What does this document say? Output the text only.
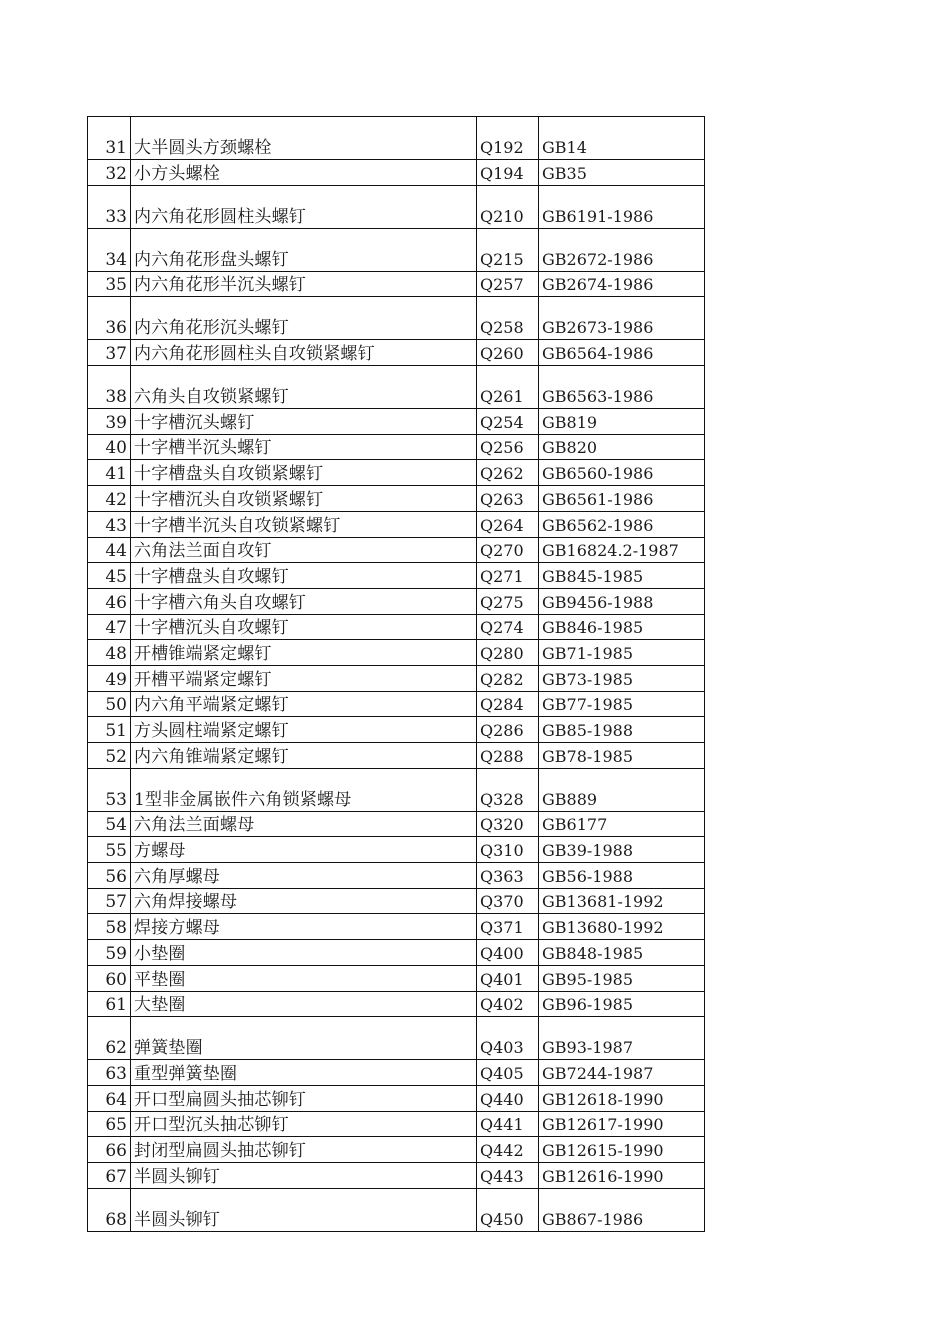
31	大半圆头方颈螺栓	Q192	GB14
32	小方头螺栓	Q194	GB35
33	内六角花形圆柱头螺钉	Q210	GB6191-1986
34	内六角花形盘头螺钉	Q215	GB2672-1986
35	内六角花形半沉头螺钉	Q257	GB2674-1986
36	内六角花形沉头螺钉	Q258	GB2673-1986
37	内六角花形圆柱头自攻锁紧螺钉	Q260	GB6564-1986
38	六角头自攻锁紧螺钉	Q261	GB6563-1986
39	十字槽沉头螺钉	Q254	GB819
40	十字槽半沉头螺钉	Q256	GB820
41	十字槽盘头自攻锁紧螺钉	Q262	GB6560-1986
42	十字槽沉头自攻锁紧螺钉	Q263	GB6561-1986
43	十字槽半沉头自攻锁紧螺钉	Q264	GB6562-1986
44	六角法兰面自攻钉	Q270	GB16824.2-1987
45	十字槽盘头自攻螺钉	Q271	GB845-1985
46	十字槽六角头自攻螺钉	Q275	GB9456-1988
47	十字槽沉头自攻螺钉	Q274	GB846-1985
48	开槽锥端紧定螺钉	Q280	GB71-1985
49	开槽平端紧定螺钉	Q282	GB73-1985
50	内六角平端紧定螺钉	Q284	GB77-1985
51	方头圆柱端紧定螺钉	Q286	GB85-1988
52	内六角锥端紧定螺钉	Q288	GB78-1985
53	1型非金属嵌件六角锁紧螺母	Q328	GB889
54	六角法兰面螺母	Q320	GB6177
55	方螺母	Q310	GB39-1988
56	六角厚螺母	Q363	GB56-1988
57	六角焊接螺母	Q370	GB13681-1992
58	焊接方螺母	Q371	GB13680-1992
59	小垫圈	Q400	GB848-1985
60	平垫圈	Q401	GB95-1985
61	大垫圈	Q402	GB96-1985
62	弹簧垫圈	Q403	GB93-1987
63	重型弹簧垫圈	Q405	GB7244-1987
64	开口型扁圆头抽芯铆钉	Q440	GB12618-1990
65	开口型沉头抽芯铆钉	Q441	GB12617-1990
66	封闭型扁圆头抽芯铆钉	Q442	GB12615-1990
67	半圆头铆钉	Q443	GB12616-1990
68	半圆头铆钉	Q450	GB867-1986
